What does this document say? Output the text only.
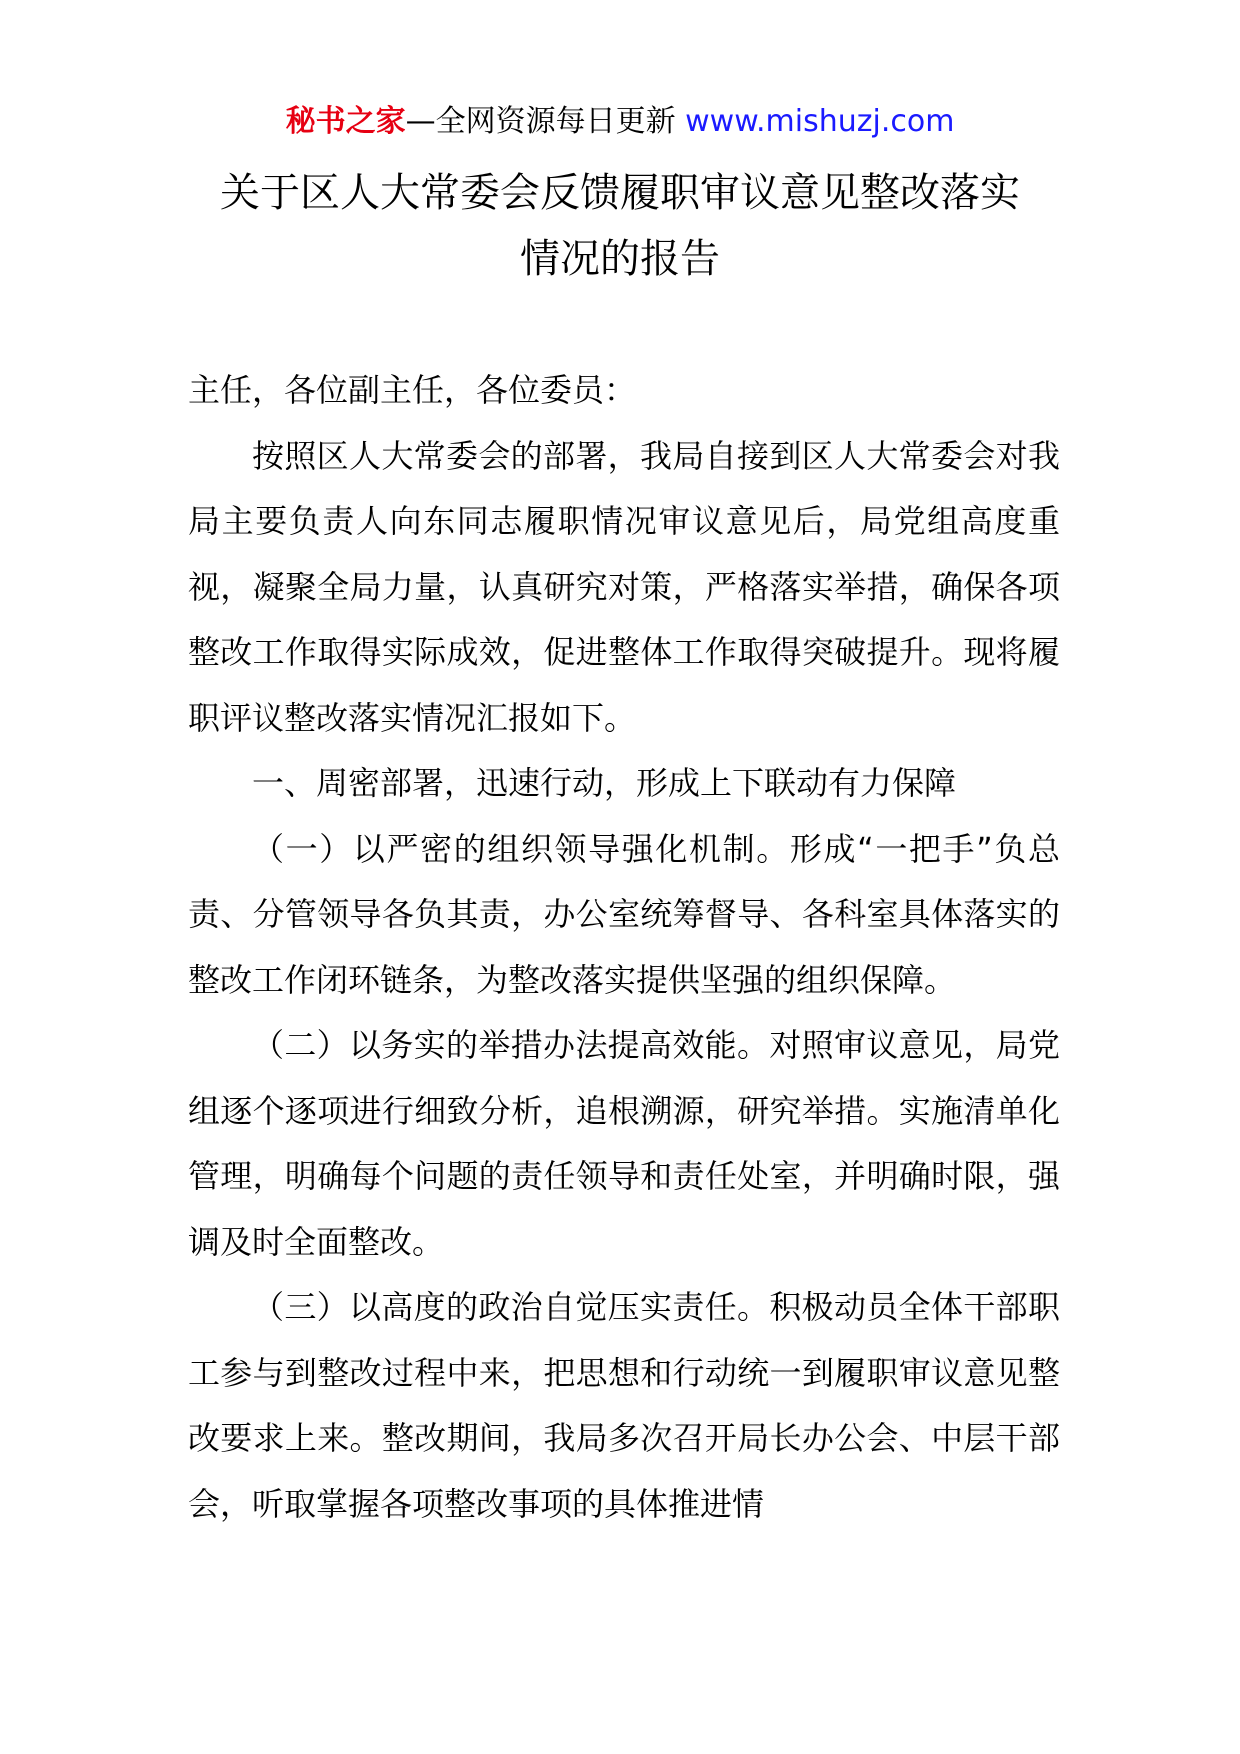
秘书之家—全网资源每日更新 www.mishuzj.com
关于区人大常委会反馈履职审议意见整改落实
情况的报告

主任，各位副主任，各位委员：

按照区人大常委会的部署，我局自接到区人大常委会对我局主要负责人向东同志履职情况审议意见后，局党组高度重视，凝聚全局力量，认真研究对策，严格落实举措，确保各项整改工作取得实际成效，促进整体工作取得突破提升。现将履职评议整改落实情况汇报如下。

一、周密部署，迅速行动，形成上下联动有力保障

（一）以严密的组织领导强化机制。形成“一把手”负总责、分管领导各负其责，办公室统筹督导、各科室具体落实的整改工作闭环链条，为整改落实提供坚强的组织保障。

（二）以务实的举措办法提高效能。对照审议意见，局党组逐个逐项进行细致分析，追根溯源，研究举措。实施清单化管理，明确每个问题的责任领导和责任处室，并明确时限，强调及时全面整改。

（三）以高度的政治自觉压实责任。积极动员全体干部职工参与到整改过程中来，把思想和行动统一到履职审议意见整改要求上来。整改期间，我局多次召开局长办公会、中层干部会，听取掌握各项整改事项的具体推进情
